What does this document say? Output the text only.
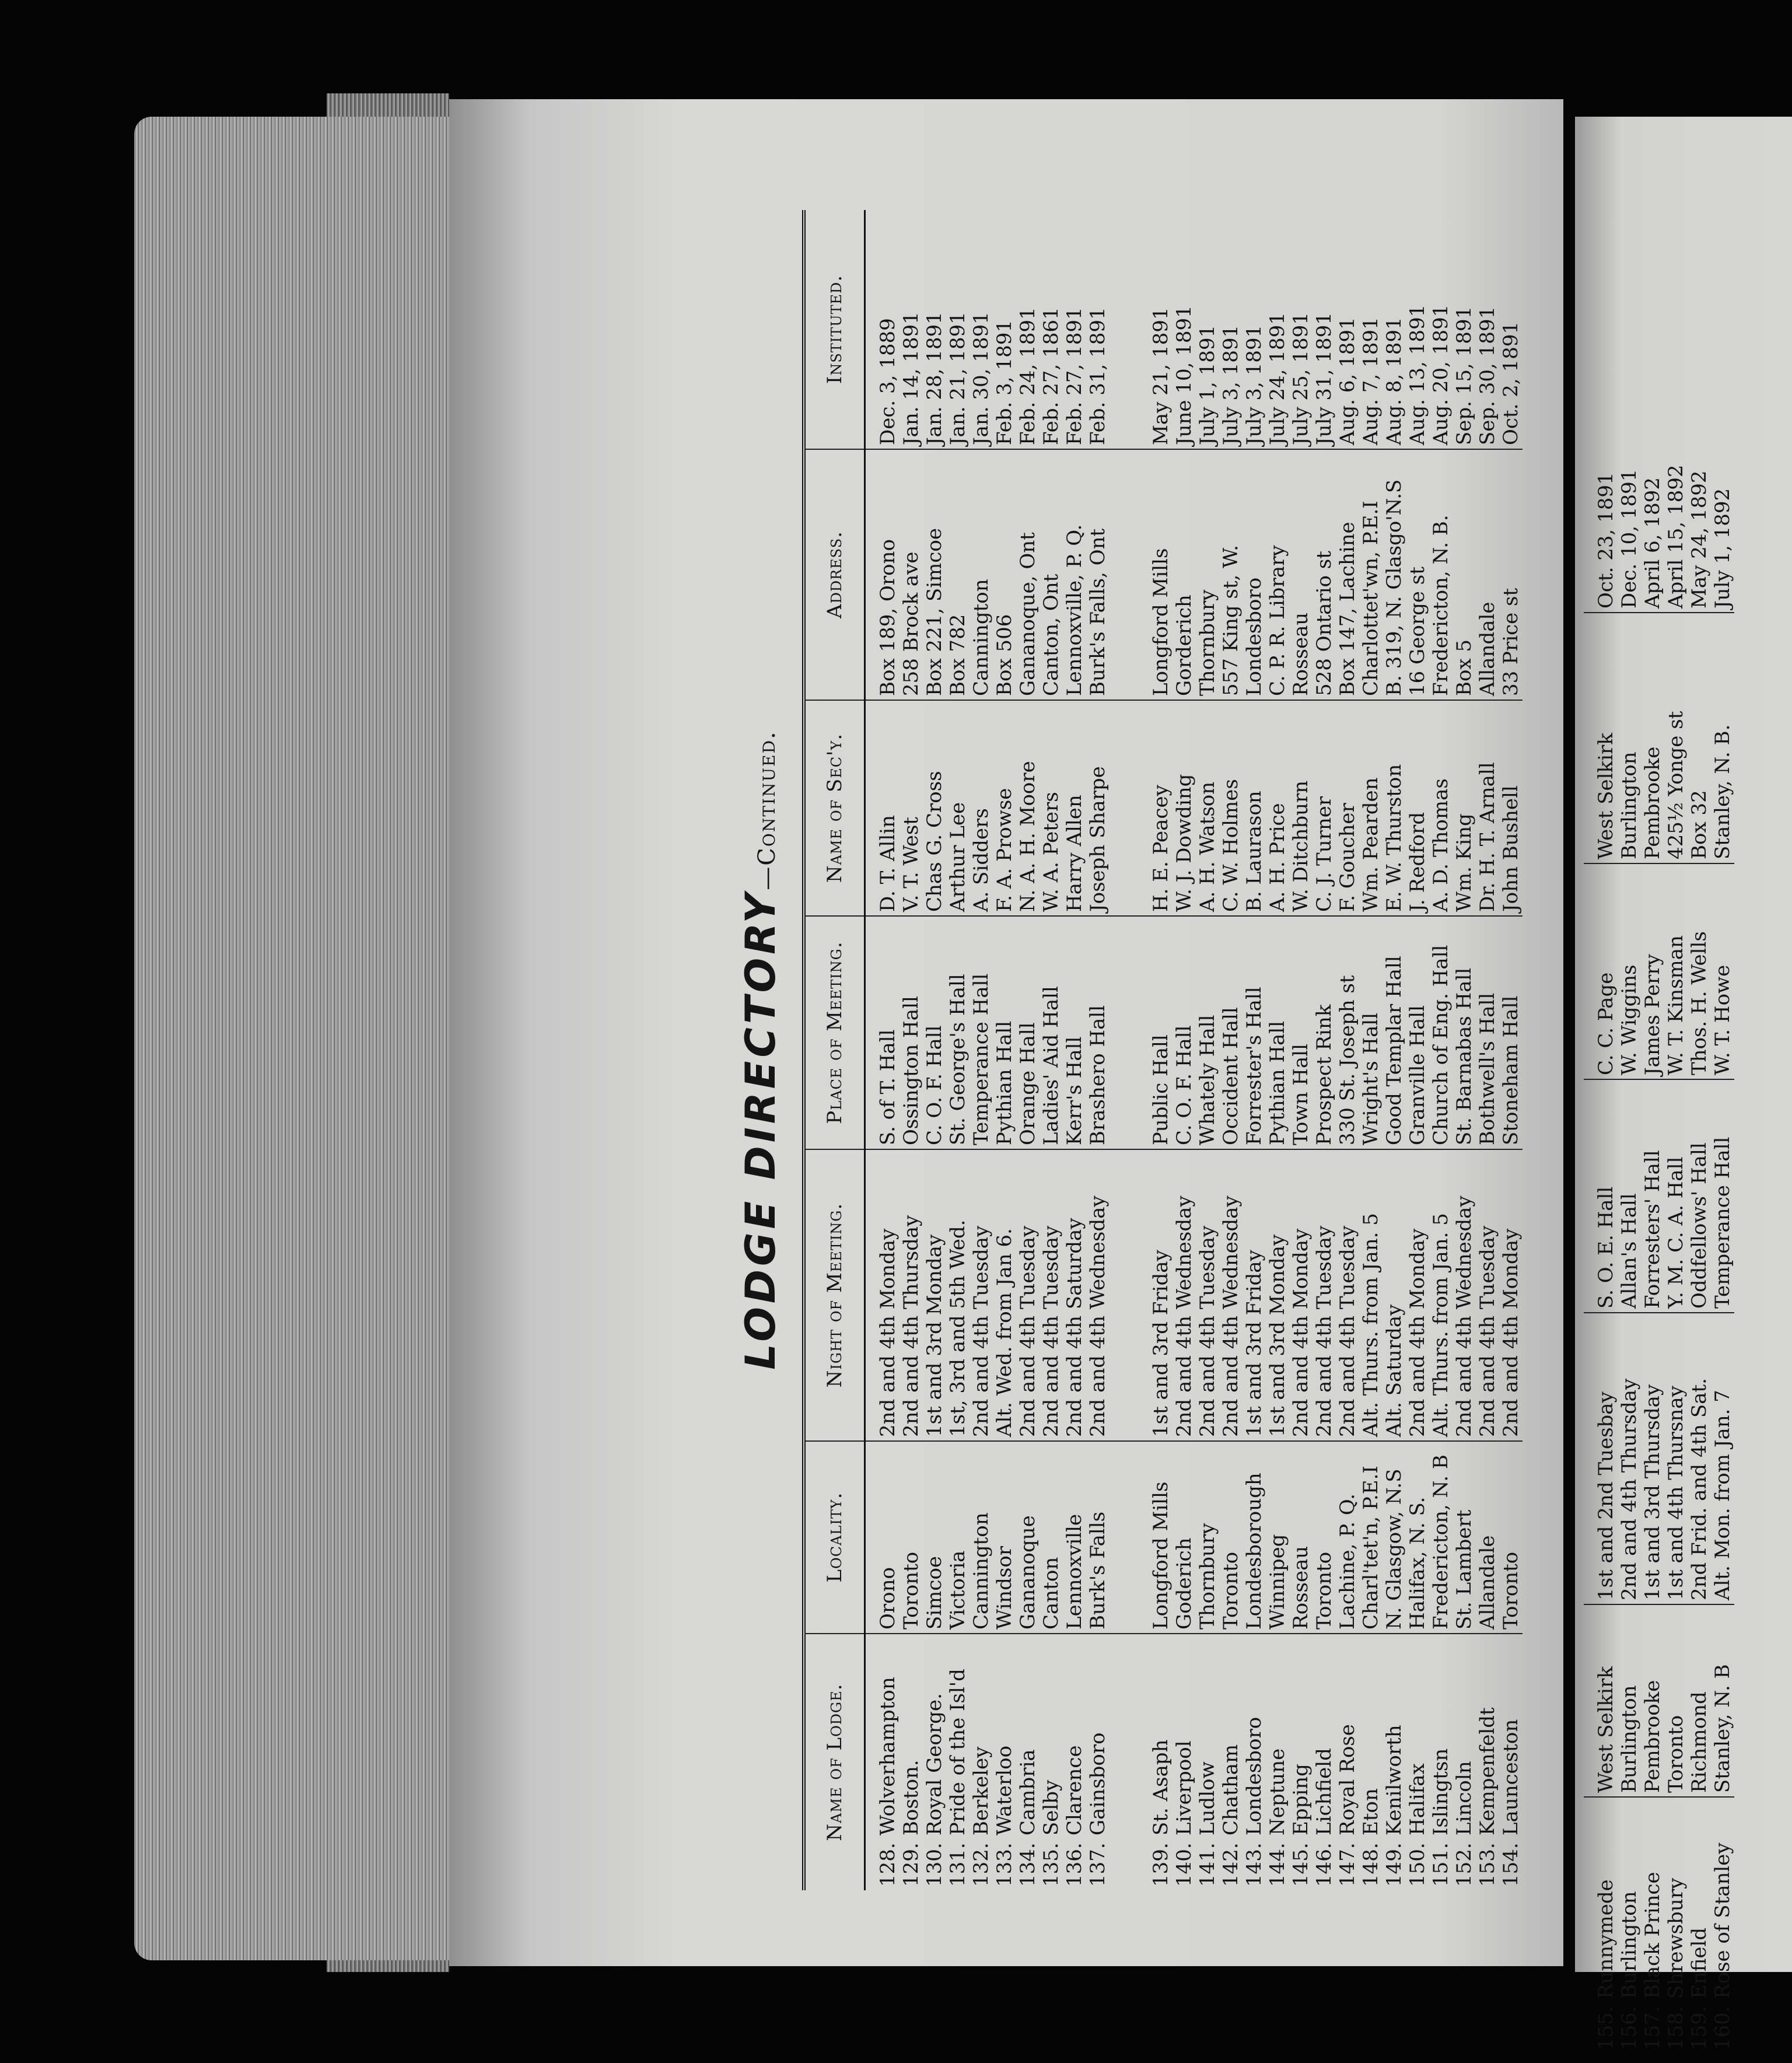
LODGE DIRECTORY—Continued.
Name of Lodge.	Locality.	Night of Meeting.	Place of Meeting.	Name of Sec'y.	Address.	Instituted.
128.Wolverhampton	Orono	2nd and 4th Monday	S. of T. Hall	D. T. Allin	Box 189, Orono	Dec. 3, 1889
129.Boston.	Toronto	2nd and 4th Thursday	Ossington Hall	V. T. West	258 Brock ave	Jan. 14, 1891
130.Royal George.	Simcoe	1st and 3rd Monday	C. O. F. Hall	Chas G. Cross	Box 221, Simcoe	Jan. 28, 1891
131.Pride of the Isl'd	Victoria	1st, 3rd and 5th Wed.	St. George's Hall	Arthur Lee	Box 782	Jan. 21, 1891
132.Berkeley	Cannington	2nd and 4th Tuesday	Temperance Hall	A. Sidders	Cannington	Jan. 30, 1891
133.Waterloo	Windsor	Alt. Wed. from Jan 6.	Pythian Hall	F. A. Prowse	Box 506	Feb. 3, 1891
134.Cambria	Gananoque	2nd and 4th Tuesday	Orange Hall	N. A. H. Moore	Gananoque, Ont	Feb. 24, 1891
135.Selby	Canton	2nd and 4th Tuesday	Ladies' Aid Hall	W. A. Peters	Canton, Ont	Feb. 27, 1861
136.Clarence	Lennoxville	2nd and 4th Saturday	Kerr's Hall	Harry Allen	Lennoxville, P. Q.	Feb. 27, 1891
137.Gainsboro	Burk's Falls	2nd and 4th Wednesday	Brashero Hall	Joseph Sharpe	Burk's Falls, Ont	Feb. 31, 1891

139.St. Asaph	Longford Mills	1st and 3rd Friday	Public Hall	H. E. Peacey	Longford Mills	May 21, 1891
140.Liverpool	Goderich	2nd and 4th Wednesday	C. O. F. Hall	W. J. Dowding	Gorderich	June 10, 1891
141.Ludlow	Thornbury	2nd and 4th Tuesday	Whately Hall	A. H. Watson	Thornbury	July 1, 1891
142.Chatham	Toronto	2nd and 4th Wednesday	Occident Hall	C. W. Holmes	557 King st, W.	July 3, 1891
143.Londesboro	Londesborough	1st and 3rd Friday	Forrester's Hall	B. Laurason	Londesboro	July 3, 1891
144.Neptune	Winnipeg	1st and 3rd Monday	Pythian Hall	A. H. Price	C. P. R. Library	July 24, 1891
145.Epping	Rosseau	2nd and 4th Monday	Town Hall	W. Ditchburn	Rosseau	July 25, 1891
146.Lichfield	Toronto	2nd and 4th Tuesday	Prospect Rink	C. J. Turner	528 Ontario st	July 31, 1891
147.Royal Rose	Lachine, P. Q.	2nd and 4th Tuesday	330 St. Joseph st	F. Goucher	Box 147, Lachine	Aug. 6, 1891
148.Eton	Charl'tet'n, P.E.I	Alt. Thurs. from Jan. 5	Wright's Hall	Wm. Pearden	Charlottet'wn, P.E.I	Aug. 7, 1891
149.Kenilworth	N. Glasgow, N.S	Alt. Saturday	Good Templar Hall	E. W. Thurston	B. 319, N. Glasgo'N.S	Aug. 8, 1891
150.Halifax	Halifax, N. S.	2nd and 4th Monday	Granville Hall	J. Redford	16 George st	Aug. 13, 1891
151.Islingtsn	Fredericton, N. B	Alt. Thurs. from Jan. 5	Church of Eng. Hall	A. D. Thomas	Fredericton, N. B.	Aug. 20, 1891
152.Lincoln	St. Lambert	2nd and 4th Wednesday	St. Barnabas Hall	Wm. King	Box 5	Sep. 15, 1891
153.Kempenfeldt	Allandale	2nd and 4th Tuesday	Bothwell's Hall	Dr. H. T. Arnall	Allandale	Sep. 30, 1891
154.Launceston	Toronto	2nd and 4th Monday	Stoneham Hall	John Bushell	33 Price st	Oct. 2, 1891
155.Runnymede	West Selkirk	1st and 2nd Tuesbay	S. O. E. Hall	C. C. Page	West Selkirk	Oct. 23, 1891
156.Burlington	Burlington	2nd and 4th Thursday	Allan's Hall	W. Wiggins	Burlington	Dec. 10, 1891
157.Black Prince	Pembrooke	1st and 3rd Thursday	Forresters' Hall	James Perry	Pembrooke	April 6, 1892
158.Shrewsbury	Toronto	1st and 4th Thursnay	Y. M. C. A. Hall	W. T. Kinsman	425½ Yonge st	April 15, 1892
159.Enfield	Richmond	2nd Frid. and 4th Sat.	Oddfellows' Hall	Thos. H. Wells	Box 32	May 24, 1892
160.Rose of Stanley	Stanley, N. B	Alt. Mon. from Jan. 7	Temperance Hall	W. T. Howe	Stanley, N. B.	July 1, 1892
